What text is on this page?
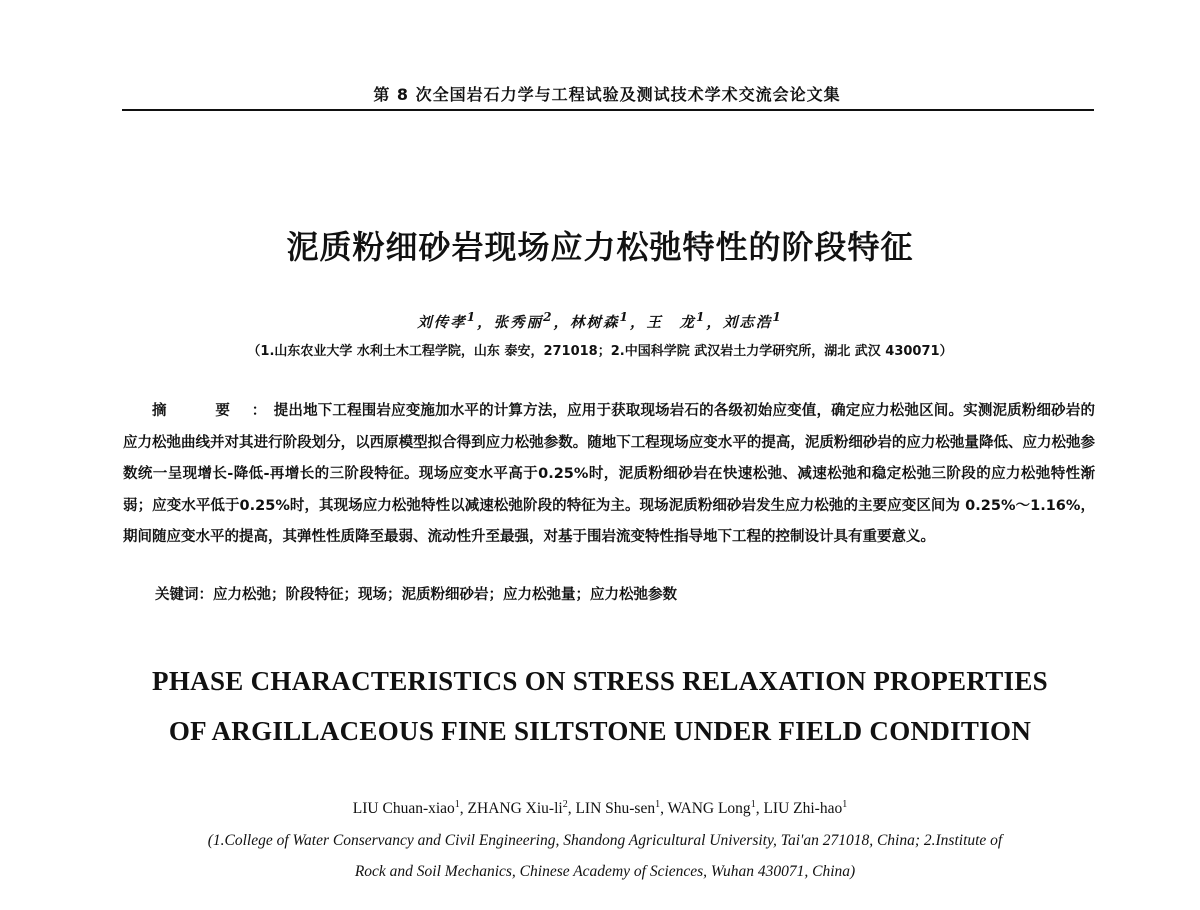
第 8 次全国岩石力学与工程试验及测试技术学术交流会论文集
泥质粉细砂岩现场应力松弛特性的阶段特征
刘传孝$^1$，张秀丽$^2$，林树森$^1$，王　龙$^1$，刘志浩$^1$
（1.山东农业大学 水利土木工程学院，山东 泰安，271018；2.中国科学院 武汉岩土力学研究所，湖北 武汉 430071）
摘 要：提出地下工程围岩应变施加水平的计算方法，应用于获取现场岩石的各级初始应变值，确定应力松弛区间。实测泥质粉细砂岩的应力松弛曲线并对其进行阶段划分，以西原模型拟合得到应力松弛参数。随地下工程现场应变水平的提高，泥质粉细砂岩的应力松弛量降低、应力松弛参数统一呈现增长-降低-再增长的三阶段特征。现场应变水平高于0.25%时，泥质粉细砂岩在快速松弛、减速松弛和稳定松弛三阶段的应力松弛特性渐弱；应变水平低于0.25%时，其现场应力松弛特性以减速松弛阶段的特征为主。现场泥质粉细砂岩发生应力松弛的主要应变区间为 0.25%～1.16%，期间随应变水平的提高，其弹性性质降至最弱、流动性升至最强，对基于围岩流变特性指导地下工程的控制设计具有重要意义。
关键词：应力松弛；阶段特征；现场；泥质粉细砂岩；应力松弛量；应力松弛参数
PHASE CHARACTERISTICS ON STRESS RELAXATION PROPERTIES
OF ARGILLACEOUS FINE SILTSTONE UNDER FIELD CONDITION
LIU Chuan-xiao$^1$, ZHANG Xiu-$li^2$, LIN Shu-sen$^1$, WANG Long$^1$, LIU Zhi-hao$^1$
(1.College of Water Conservancy and Civil Engineering, Shandong Agricultural University, Tai'an 271018, China; 2.Institute of
Rock and Soil Mechanics, Chinese Academy of Sciences, Wuhan 430071, China)
